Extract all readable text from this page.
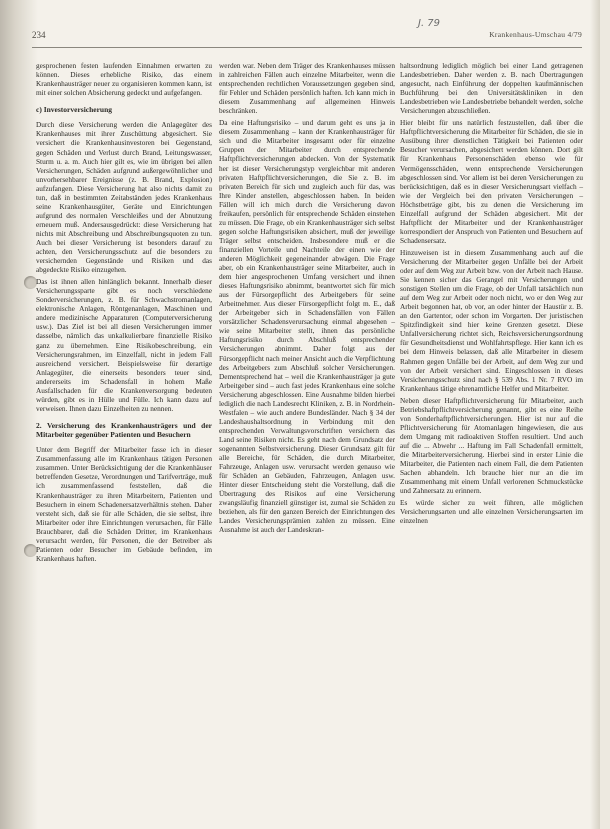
J. 79
234	Krankenhaus-Umschau 4/79

gesprochenen festen laufenden Einnahmen erwarten zu können. Dieses erhebliche Risiko, das einem Krankenhausträger neuer zu organisieren kommen kann, ist mit einer solchen Absicherung gedeckt und aufgefangen.

c) Investorversicherung

Durch diese Versicherung werden die Anlagegüter des Krankenhauses mit ihrer Zuschüttung abgesichert. Sie versichert die Krankenhausinvestoren bei Gegenstand, gegen Schäden und Verlust durch Brand, Leitungswasser, Sturm u. a. m. Auch hier gilt es, wie im übrigen bei allen Versicherungen, Schäden aufgrund außergewöhnlicher und unvorhersehbarer Ereignisse (z. B. Brand, Explosion) aufzufangen. Diese Versicherung hat also nichts damit zu tun, daß in bestimmten Zeitabständen jedes Krankenhaus seine Krankenhausgüter, Geräte und Einrichtungen aufgrund des normalen Verschleißes und der Abnutzung erneuern muß. Andersausgedrückt: diese Versicherung hat nichts mit Abschreibung und Abschreibungsquoten zu tun. Auch bei dieser Versicherung ist besonders darauf zu achten, den Versicherungsschutz auf die besonders zu versichernden Gegenstände und Risiken und das abgedeckte Risiko einzugehen.

Das ist ihnen allen hinlänglich bekannt. Innerhalb dieser Versicherungssparte gibt es noch verschiedene Sonderversicherungen, z. B. für Schwachstromanlagen, elektronische Anlagen, Röntgenanlagen, Maschinen und andere medizinische Apparaturen (Computerversicherung usw.). Das Ziel ist bei all diesen Versicherungen immer dasselbe, nämlich das unkalkulierbare finanzielle Risiko ganz zu übernehmen. Eine Risikobeschreibung, ein Versicherungsrahmen, im Einzelfall, nicht in jedem Fall ausreichend versichert. Beispielsweise für derartige Anlagegüter, die einerseits besonders teuer sind, andererseits im Schadensfall in hohem Maße Ausfallschaden für die Krankenversorgung bedeuten würden, gibt es in Hülle und Fülle. Ich kann dazu auf verweisen. Ihnen dazu Einzelheiten zu nennen.

2. Versicherung des Krankenhausträgers und der Mitarbeiter gegenüber Patienten und Besuchern

Unter dem Begriff der Mitarbeiter fasse ich in dieser Zusammenfassung alle im Krankenhaus tätigen Personen zusammen. Unter Berücksichtigung der die Krankenhäuser betreffenden Gesetze, Verordnungen und Tarifverträge, muß ich zusammenfassend feststellen, daß die Krankenhausträger zu ihren Mitarbeitern, Patienten und Besuchern in einem Schadenersatzverhältnis stehen. Daher versteht sich, daß sie für alle Schäden, die sie selbst, ihre Mitarbeiter oder ihre Einrichtungen verursachen, für Fälle Brauchbarer, daß die Schäden Dritter, im Krankenhaus verursacht werden, für Personen, die der Betreiber als Patienten oder Besucher im Gebäude befinden, im Krankenhaus haften.

werden war. Neben dem Träger des Krankenhauses müssen in zahlreichen Fällen auch einzelne Mitarbeiter, wenn die entsprechenden rechtlichen Voraussetzungen gegeben sind, für Fehler und Schäden persönlich haften. Ich kann mich in diesem Zusammenhang auf allgemeinen Hinweis beschränken.

Da eine Haftungsrisiko – und darum geht es uns ja in diesem Zusammenhang – kann der Krankenhausträger für sich und die Mitarbeiter insgesamt oder für einzelne Gruppen der Mitarbeiter durch entsprechende Haftpflichtversicherungen abdecken. Von der Systematik her ist dieser Versicherungstyp vergleichbar mit anderen privaten Haftpflichtversicherungen, die Sie z. B. im privaten Bereich für sich und zugleich auch für das, was Ihre Kinder anstellen, abgeschlossen haben. In beiden Fällen will ich mich durch die Versicherung davon freikaufen, persönlich für entsprechende Schäden einstehen zu müssen. Die Frage, ob ein Krankenhausträger sich selbst gegen solche Haftungsrisiken absichert, muß der jeweilige Träger selbst entscheiden. Insbesondere muß er die finanziellen Vorteile und Nachteile der einen wie der anderen Möglichkeit gegeneinander abwägen. Die Frage aber, ob ein Krankenhausträger seine Mitarbeiter, auch in dem hier angesprochenen Umfang versichert und ihnen dieses Haftungsrisiko abnimmt, beantwortet sich für mich aus der Fürsorgepflicht des Arbeitgebers für seine Arbeitnehmer. Aus dieser Fürsorgepflicht folgt m. E., daß der Arbeitgeber sich in Schadensfällen von Fällen vorsätzlicher Schadensverursachung einmal abgesehen – wie seine Mitarbeiter stellt, ihnen das persönliche Haftungsrisiko durch Abschluß entsprechender Versicherungen abnimmt. Daher folgt aus der Fürsorgepflicht nach meiner Ansicht auch die Verpflichtung des Arbeitgebers zum Abschluß solcher Versicherungen. Dementsprechend hat – weil die Krankenhausträger ja gute Arbeitgeber sind – auch fast jedes Krankenhaus eine solche Versicherung abgeschlossen. Eine Ausnahme bilden hierbei lediglich die nach Landesrecht Kliniken, z. B. in Nordrhein-Westfalen – wie auch andere Bundesländer. Nach § 34 der Landeshaushaltsordnung in Verbindung mit den entsprechenden Verwaltungsvorschriften versichern das Land seine Risiken nicht. Es geht nach dem Grundsatz der sogenannten Selbstversicherung. Dieser Grundsatz gilt für alle Bereiche, für Schäden, die durch Mitarbeiter, Fahrzeuge, Anlagen usw. verursacht werden genauso wie für Schäden an Gebäuden, Fahrzeugen, Anlagen usw. Hinter dieser Entscheidung steht die Vorstellung, daß die Übertragung des Risikos auf eine Versicherung zwangsläufig finanziell günstiger ist, zumal sie Schäden zu beziehen, als für den ganzen Bereich der Einrichtungen des Landes Versicherungsprämien zahlen zu müssen. Eine Ausnahme ist auch der Landeskran-

haltsordnung lediglich möglich bei einer Land getragenen Landesbetrieben. Daher werden z. B. nach Übertragungen angesucht, nach Einführung der doppelten kaufmännischen Buchführung bei den Universitätskliniken in den Landesbetrieben wie Landesbetriebe behandelt werden, solche Versicherungen abzuschließen.

Hier bleibt für uns natürlich festzustellen, daß über die Haftpflichtversicherung die Mitarbeiter für Schäden, die sie in Ausübung ihrer dienstlichen Tätigkeit bei Patienten oder Besucher verursachen, abgesichert werden können. Dort gilt für Krankenhaus Personenschäden ebenso wie für Vermögensschäden, wenn entsprechende Versicherungen abgeschlossen sind. Vor allem ist bei deren Versicherungen zu berücksichtigen, daß es in dieser Versicherungsart vielfach – wie der Vergleich bei den privaten Versicherungen – Höchstbeträge gibt, bis zu denen die Versicherung im Einzelfall aufgrund der Schäden abgesichert. Mit der Haftpflicht der Mitarbeiter und der Krankenhausträger korrespondiert der Anspruch von Patienten und Besuchern auf Schadensersatz.

Hinzuweisen ist in diesem Zusammenhang auch auf die Versicherung der Mitarbeiter gegen Unfälle bei der Arbeit oder auf dem Weg zur Arbeit bzw. von der Arbeit nach Hause. Sie kennen sicher das Gerangel mit Versicherungen und sonstigen Stellen um die Frage, ob der Unfall tatsächlich nun auf dem Weg zur Arbeit oder noch nicht, wo er den Weg zur Arbeit begonnen hat, ob vor, an oder hinter der Haustür z. B. an den Gartentor, oder schon im Vorgarten. Der juristischen Spitzfindigkeit sind hier keine Grenzen gesetzt. Diese Unfallversicherung richtet sich, Reichsversicherungsordnung für Gesundheitsdienst und Wohlfahrtspflege. Hier kann ich es bei dem Hinweis belassen, daß alle Mitarbeiter in diesem Rahmen gegen Unfälle bei der Arbeit, auf dem Weg zur und von der Arbeit versichert sind. Eingeschlossen in dieses Versicherungsschutz sind nach § 539 Abs. 1 Nr. 7 RVO im Krankenhaus tätige ehrenamtliche Helfer und Mitarbeiter.

Neben dieser Haftpflichtversicherung für Mitarbeiter, auch Betriebshaftpflichtversicherung genannt, gibt es eine Reihe von Sonderhaftpflichtversicherungen. Hier ist nur auf die Pflichtversicherung für Atomanlagen hingewiesen, die aus dem Umgang mit radioaktiven Stoffen resultiert. Und auch auf die ... Abwehr ... Haftung im Fall Schadenfall ermittelt, die Mitarbeiterversicherung. Hierbei sind in erster Linie die Mitarbeiter, die Patienten nach einem Fall, die dem Patienten Sachen abhandeln. Ich brauche hier nur an die im Zusammenhang mit einem Unfall verlorenen Schmuckstücke und Zahnersatz zu erinnern.

Es würde sicher zu weit führen, alle möglichen Versicherungsarten und alle einzelnen Versicherungsarten im einzelnen
